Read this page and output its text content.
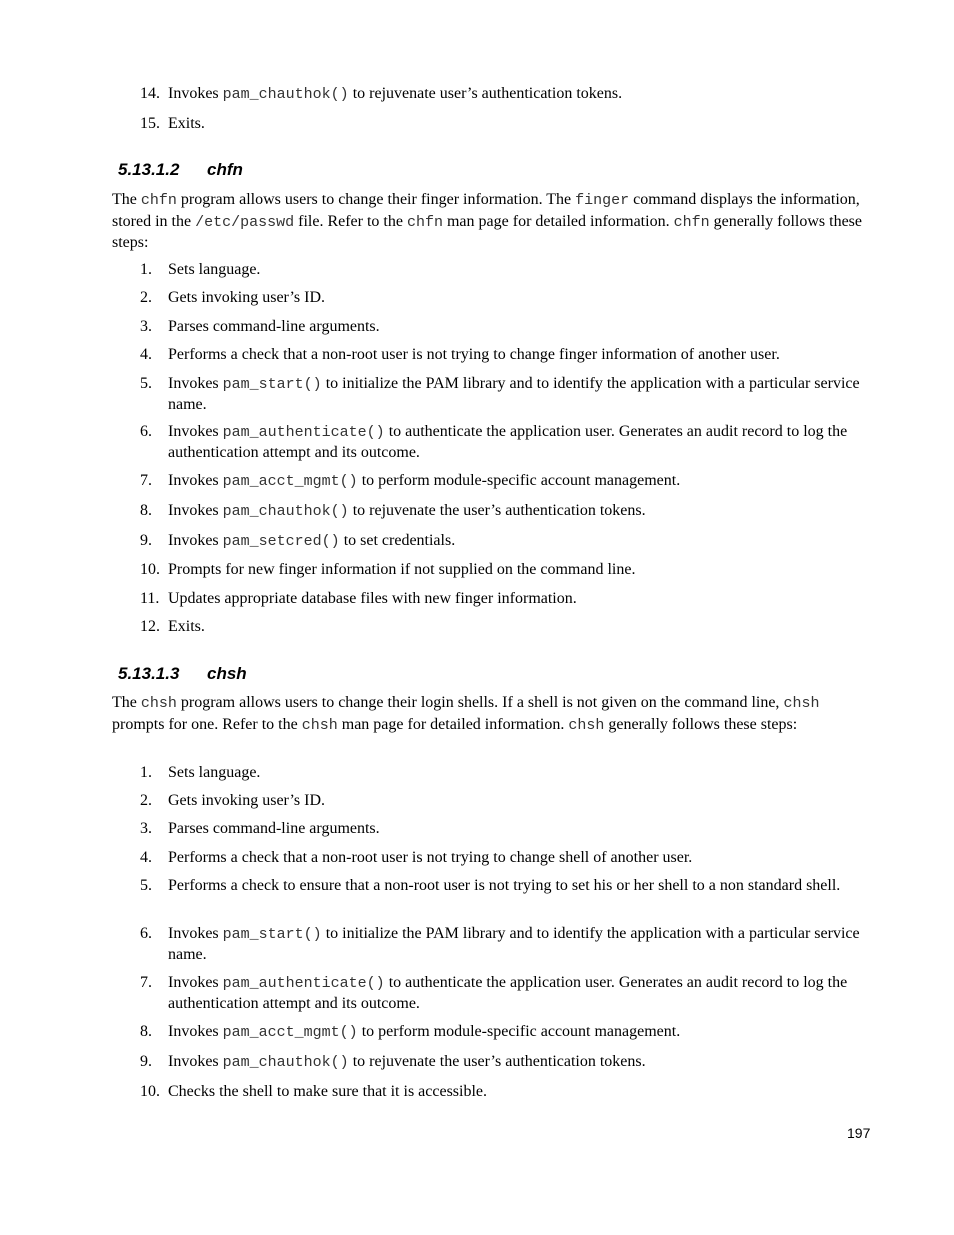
14. Invokes pam_chauthok() to rejuvenate user’s authentication tokens.
15. Exits.
5.13.1.2 chfn

The chfn program allows users to change their finger information. The finger command displays the information, stored in the /etc/passwd file. Refer to the chfn man page for detailed information. chfn generally follows these steps:

1.	Sets language.
2.	Gets invoking user’s ID.
3.	Parses command-line arguments.
4.	Performs a check that a non-root user is not trying to change finger information of another user.
5.	Invokes pam_start() to initialize the PAM library and to identify the application with a particular service name.
6.	Invokes pam_authenticate() to authenticate the application user. Generates an audit record to log the authentication attempt and its outcome.
7.	Invokes pam_acct_mgmt() to perform module-specific account management.
8.	Invokes pam_chauthok() to rejuvenate the user’s authentication tokens.
9.	Invokes pam_setcred() to set credentials.
10. Prompts for new finger information if not supplied on the command line.
11. Updates appropriate database files with new finger information.
12. Exits.
5.13.1.3 chsh

The chsh program allows users to change their login shells. If a shell is not given on the command line, chsh prompts for one. Refer to the chsh man page for detailed information. chsh generally follows these steps:

1.	Sets language.
2.	Gets invoking user’s ID.
3.	Parses command-line arguments.
4.	Performs a check that a non-root user is not trying to change shell of another user.
5.	Performs a check to ensure that a non-root user is not trying to set his or her shell to a non standard shell.
6.	Invokes pam_start() to initialize the PAM library and to identify the application with a particular service name.
7.	Invokes pam_authenticate() to authenticate the application user. Generates an audit record to log the authentication attempt and its outcome.
8.	Invokes pam_acct_mgmt() to perform module-specific account management.
9.	Invokes pam_chauthok() to rejuvenate the user’s authentication tokens.
10. Checks the shell to make sure that it is accessible.
197
